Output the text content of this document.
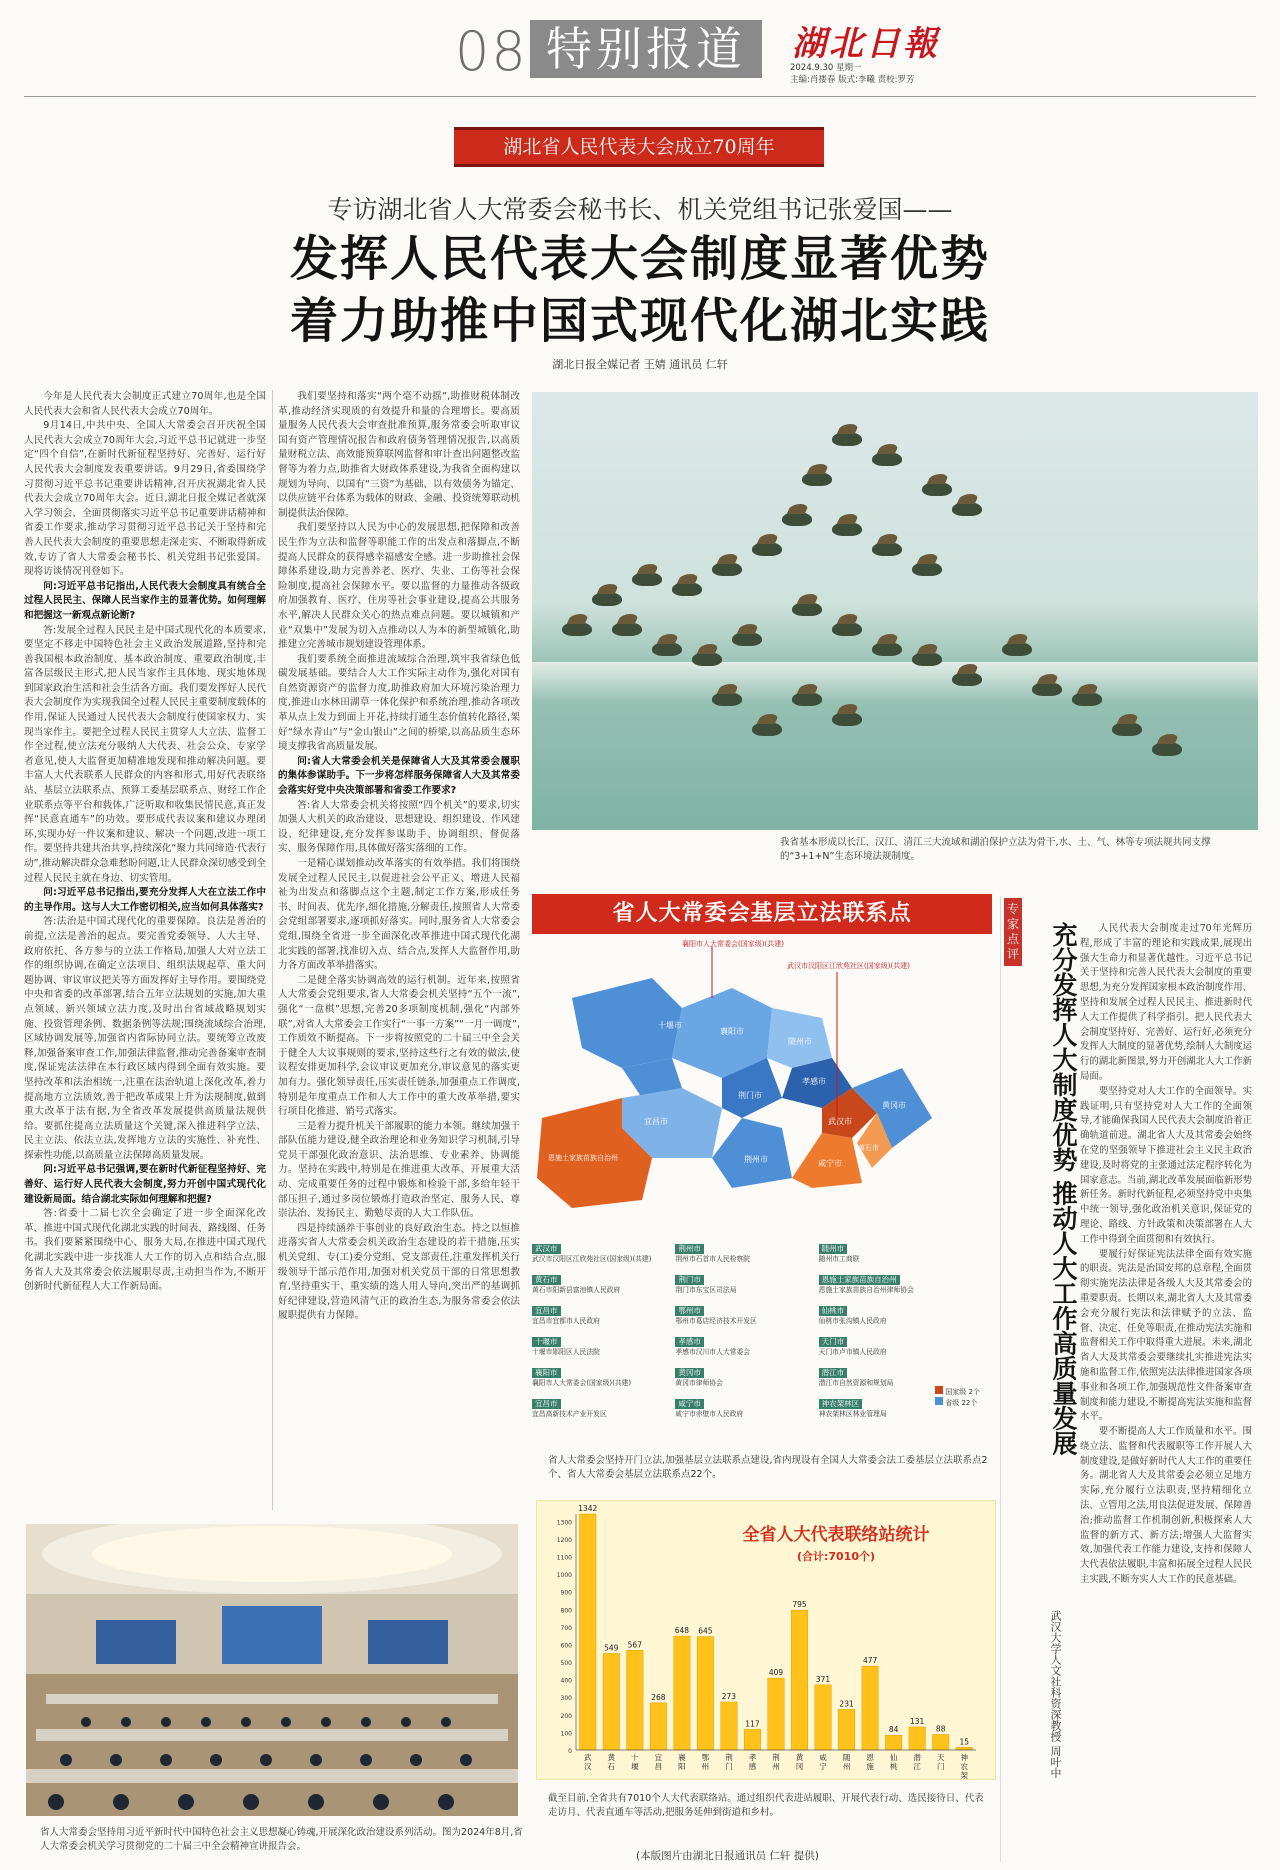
08 特别报道	湖北日報
2024.9.30 星期一
主编:肖搂春 版式:李曦 责校:罗芳
湖北省人民代表大会成立70周年
专访湖北省人大常委会秘书长、机关党组书记张爱国——
发挥人民代表大会制度显著优势
着力助推中国式现代化湖北实践
湖北日报全媒记者 王婧 通讯员 仁轩

今年是人民代表大会制度正式建立70周年,也是全国人民代表大会和省人民代表大会成立70周年。

9月14日,中共中央、全国人大常委会召开庆祝全国人民代表大会成立70周年大会,习近平总书记就进一步坚定“四个自信”,在新时代新征程坚持好、完善好、运行好人民代表大会制度发表重要讲话。9月29日,省委围绕学习贯彻习近平总书记重要讲话精神,召开庆祝湖北省人民代表大会成立70周年大会。近日,湖北日报全媒记者就深入学习领会、全面贯彻落实习近平总书记重要讲话精神和省委工作要求,推动学习贯彻习近平总书记关于坚持和完善人民代表大会制度的重要思想走深走实、不断取得新成效,专访了省人大常委会秘书长、机关党组书记张爱国。现将访谈情况刊登如下。

问:习近平总书记指出,人民代表大会制度具有统合全过程人民民主、保障人民当家作主的显著优势。如何理解和把握这一新观点新论断?

答:发展全过程人民民主是中国式现代化的本质要求,要坚定不移走中国特色社会主义政治发展道路,坚持和完善我国根本政治制度、基本政治制度、重要政治制度,丰富各层级民主形式,把人民当家作主具体地、现实地体现到国家政治生活和社会生活各方面。我们要发挥好人民代表大会制度作为实现我国全过程人民民主重要制度载体的作用,保证人民通过人民代表大会制度行使国家权力、实现当家作主。要把全过程人民民主贯穿人大立法、监督工作全过程,使立法充分吸纳人大代表、社会公众、专家学者意见,使人大监督更加精准地发现和推动解决问题。要丰富人大代表联系人民群众的内容和形式,用好代表联络站、基层立法联系点、预算工委基层联系点、财经工作企业联系点等平台和载体,广泛听取和收集民情民意,真正发挥“民意直通车”的功效。要形成代表议案和建议办理闭环,实现办好一件议案和建议、解决一个问题,改进一项工作。要坚持共建共治共享,持续深化“聚力共同缔造·代表行动”,推动解决群众急难愁盼问题,让人民群众深切感受到全过程人民民主就在身边、切实管用。

问:习近平总书记指出,要充分发挥人大在立法工作中的主导作用。这与人大工作密切相关,应当如何具体落实?

答:法治是中国式现代化的重要保障。良法是善治的前提,立法是善治的起点。要完善党委领导、人大主导、政府依托、各方参与的立法工作格局,加强人大对立法工作的组织协调,在确定立法项目、组织法规起草、重大问题协调、审议审议把关等方面发挥好主导作用。要围绕党中央和省委的改革部署,结合五年立法规划的实施,加大重点领域、新兴领域立法力度,及时出台省域战略规划实施、投资管理条例、数据条例等法规;围绕流域综合治理,区域协调发展等,加强省内省际协同立法。要统筹立改废释,加强备案审查工作,加强法律监督,推动完善备案审查制度,保证宪法法律在本行政区域内得到全面有效实施。要坚持改革和法治相统一,注重在法治轨道上深化改革,着力提高地方立法质效,善于把改革成果上升为法规制度,做到重大改革于法有据,为全省改革发展提供高质量法规供给。要抓住提高立法质量这个关键,深入推进科学立法、民主立法、依法立法,发挥地方立法的实施性、补充性、探索性功能,以高质量立法保障高质量发展。

问:习近平总书记强调,要在新时代新征程坚持好、完善好、运行好人民代表大会制度,努力开创中国式现代化建设新局面。结合湖北实际如何理解和把握?

答:省委十二届七次全会确定了进一步全面深化改革、推进中国式现代化湖北实践的时间表、路线图、任务书。我们要紧紧围绕中心、服务大局,在推进中国式现代化湖北实践中进一步找准人大工作的切入点和结合点,服务省人大及其常委会依法履职尽责,主动担当作为,不断开创新时代新征程人大工作新局面。

我们要坚持和落实“两个毫不动摇”,助推财税体制改革,推动经济实现质的有效提升和量的合理增长。要高质量服务人民代表大会审查批准预算,服务常委会听取审议国有资产管理情况报告和政府债务管理情况报告,以高质量财税立法、高效能预算联网监督和审计查出问题整改监督等为着力点,助推省大财政体系建设,为我省全面构建以规划为导向、以国有“三资”为基础、以有效债务为锚定、以供应链平台体系为载体的财政、金融、投资统筹联动机制提供法治保障。

我们要坚持以人民为中心的发展思想,把保障和改善民生作为立法和监督等职能工作的出发点和落脚点,不断提高人民群众的获得感幸福感安全感。进一步助推社会保障体系建设,助力完善养老、医疗、失业、工伤等社会保险制度,提高社会保障水平。要以监督的力量推动各级政府加强教育、医疗、住房等社会事业建设,提高公共服务水平,解决人民群众关心的热点难点问题。要以城镇和产业“双集中”发展为切入点推动以人为本的新型城镇化,助推建立完善城市规划建设管理体系。

我们要系统全面推进流域综合治理,筑牢我省绿色低碳发展基础。要结合人大工作实际主动作为,强化对国有自然资源资产的监督力度,助推政府加大环境污染治理力度,推进山水林田湖草一体化保护和系统治理,推动各项改革从点上发力到面上开花,持续打通生态价值转化路径,架好“绿水青山”与“金山银山”之间的桥梁,以高品质生态环境支撑我省高质量发展。

问:省人大常委会机关是保障省人大及其常委会履职的集体参谋助手。下一步将怎样服务保障省人大及其常委会落实好党中央决策部署和省委工作要求?

答:省人大常委会机关将按照“四个机关”的要求,切实加强人大机关的政治建设、思想建设、组织建设、作风建设、纪律建设,充分发挥参谋助手、协调组织、督促落实、服务保障作用,具体做好落实落细的工作。

一是精心谋划推动改革落实的有效举措。我们将围绕发展全过程人民民主,以促进社会公平正义、增进人民福祉为出发点和落脚点这个主题,制定工作方案,形成任务书、时间表、优先序,细化措施,分解责任,按照省人大常委会党组部署要求,逐项抓好落实。同时,服务省人大常委会党组,围绕全省进一步全面深化改革推进中国式现代化湖北实践的部署,找准切入点、结合点,发挥人大监督作用,助力各方面改革举措落实。

二是健全落实协调高效的运行机制。近年来,按照省人大常委会党组要求,省人大常委会机关坚持“五个一流”,强化“一盘棋”思想,完善20多项制度机制,强化“内部外联”,对省人大常委会工作实行“一事一方案”“一月一调度”,工作质效不断提高。下一步将按照党的二十届三中全会关于健全人大议事规则的要求,坚持这些行之有效的做法,使议程安排更加科学,会议审议更加充分,审议意见的落实更加有力。强化领导责任,压实责任链条,加强重点工作调度,特别是年度重点工作和人大工作中的重大改革举措,要实行项目化推进、销号式落实。

三是着力提升机关干部履职的能力本领。继续加强干部队伍能力建设,健全政治理论和业务知识学习机制,引导党员干部强化政治意识、法治思维、专业素养、协调能力。坚持在实践中,特别是在推进重大改革、开展重大活动、完成重要任务的过程中锻炼和检验干部,多给年轻干部压担子,通过多岗位锻炼打造政治坚定、服务人民、尊崇法治、发扬民主、勤勉尽责的人大工作队伍。

四是持续涵养干事创业的良好政治生态。持之以恒推进落实省人大常委会机关政治生态建设的若干措施,压实机关党组、专(工)委分党组、党支部责任,注重发挥机关行级领导干部示范作用,加强对机关党员干部的日常思想教育,坚持重实干、重实绩的选人用人导向,突出严的基调抓好纪律建设,营造风清气正的政治生态,为服务常委会依法履职提供有力保障。

我省基本形成以长江、汉江、清江三大流域和湖泊保护立法为骨干,水、土、气、林等专项法规共同支撑的“3+1+N”生态环境法规制度。
省人大常委会基层立法联系点
十堰市
襄阳市
随州市
宜昌市
荆门市
孝感市
恩施土家族苗族自治州	荆州市
武汉市
黄冈市
咸宁市
黄石市
襄阳市人大常委会(国家级)(共建)
武汉市汉阳区江欣苑社区(国家级)(共建)
武汉市
武汉市汉阳区江欣苑社区(国家级)(共建)
荆州市
荆州市石首市人民检察院
随州市
随州市工商联
黄石市
黄石市阳新县富池镇人民政府
荆门市
荆门市东宝区司法局
恩施土家族苗族自治州
恩施土家族苗族自治州律师协会
宜昌市
宜昌市宜都市人民政府
鄂州市
鄂州市葛店经济技术开发区
仙桃市
仙桃市张沟镇人民政府
十堰市
十堰市郧阳区人民法院
孝感市
孝感市汉川市人大常委会
天门市
天门市卢市镇人民政府
襄阳市
襄阳市人大常委会(国家级)(共建)
黄冈市
黄冈市律师协会
潜江市
潜江市自然资源和规划局
宜昌市
宜昌高新技术产业开发区
咸宁市
咸宁市赤壁市人民政府
神农架林区
神农架林区林业管理局
国家级 2个
省级 22个
省人大常委会坚持开门立法,加强基层立法联系点建设,省内现设有全国人大常委会法工委基层立法联系点2个、省人大常委会基层立法联系点22个。
省人大常委会坚持用习近平新时代中国特色社会主义思想凝心铸魂,开展深化政治建设系列活动。图为2024年8月,省人大常委会机关学习贯彻党的二十届三中全会精神宣讲报告会。
1342
武
汉
549
黄
石
567
十
堰
268
宜
昌
648
襄
阳
645
鄂
州
273
荆
门
117
孝
感
409
荆
州
795
黄
冈
371
咸
宁
231
随
州
477
恩
施
84
仙
桃
131
潜
江
88
天
门
15
神
农
架
0
100
200
300
400
500
600
700
800
900
1000
1100
1200
1300
全省人大代表联络站统计
(合计:7010个)
截至目前,全省共有7010个人大代表联络站。通过组织代表进站履职、开展代表行动、选民接待日、代表走访月、代表直通车等活动,把服务延伸到街道和乡村。
(本版图片由湖北日报通讯员 仁轩 提供)
专家点评	充分发挥人大制度优势 推动人大工作高质量发展
武汉大学人文社科资深教授 周叶中

人民代表大会制度走过70年光辉历程,形成了丰富的理论和实践成果,展现出强大生命力和显著优越性。习近平总书记关于坚持和完善人民代表大会制度的重要思想,为充分发挥国家根本政治制度作用、坚持和发展全过程人民民主、推进新时代人大工作提供了科学指引。把人民代表大会制度坚持好、完善好、运行好,必须充分发挥人大制度的显著优势,绘制人大制度运行的湖北新图景,努力开创湖北人大工作新局面。

要坚持党对人大工作的全面领导。实践证明,只有坚持党对人大工作的全面领导,才能确保我国人民代表大会制度沿着正确轨道前进。湖北省人大及其常委会始终在党的坚强领导下推进社会主义民主政治建设,及时将党的主张通过法定程序转化为国家意志。当前,湖北改革发展面临新形势新任务。新时代新征程,必须坚持党中央集中统一领导,强化政治机关意识,保证党的理论、路线、方针政策和决策部署在人大工作中得到全面贯彻和有效执行。

要履行好保证宪法法律全面有效实施的职责。宪法是治国安邦的总章程,全面贯彻实施宪法法律是各级人大及其常委会的重要职责。长期以来,湖北省人大及其常委会充分履行宪法和法律赋予的立法、监督、决定、任免等职责,在推动宪法实施和监督相关工作中取得重大进展。未来,湖北省人大及其常委会要继续扎实推进宪法实施和监督工作,依照宪法法律推进国家各项事业和各项工作,加强规范性文件备案审查制度和能力建设,不断提高宪法实施和监督水平。

要不断提高人大工作质量和水平。围绕立法、监督和代表履职等工作开展人大制度建设,是做好新时代人大工作的重要任务。湖北省人大及其常委会必须立足地方实际,充分履行立法职责,坚持精细化立法、立管用之法,用良法促进发展、保障善治;推动监督工作机制创新,积极探索人大监督的新方式、新方法;增强人大监督实效,加强代表工作能力建设,支持和保障人大代表依法履职,丰富和拓展全过程人民民主实践,不断夯实人大工作的民意基础。
